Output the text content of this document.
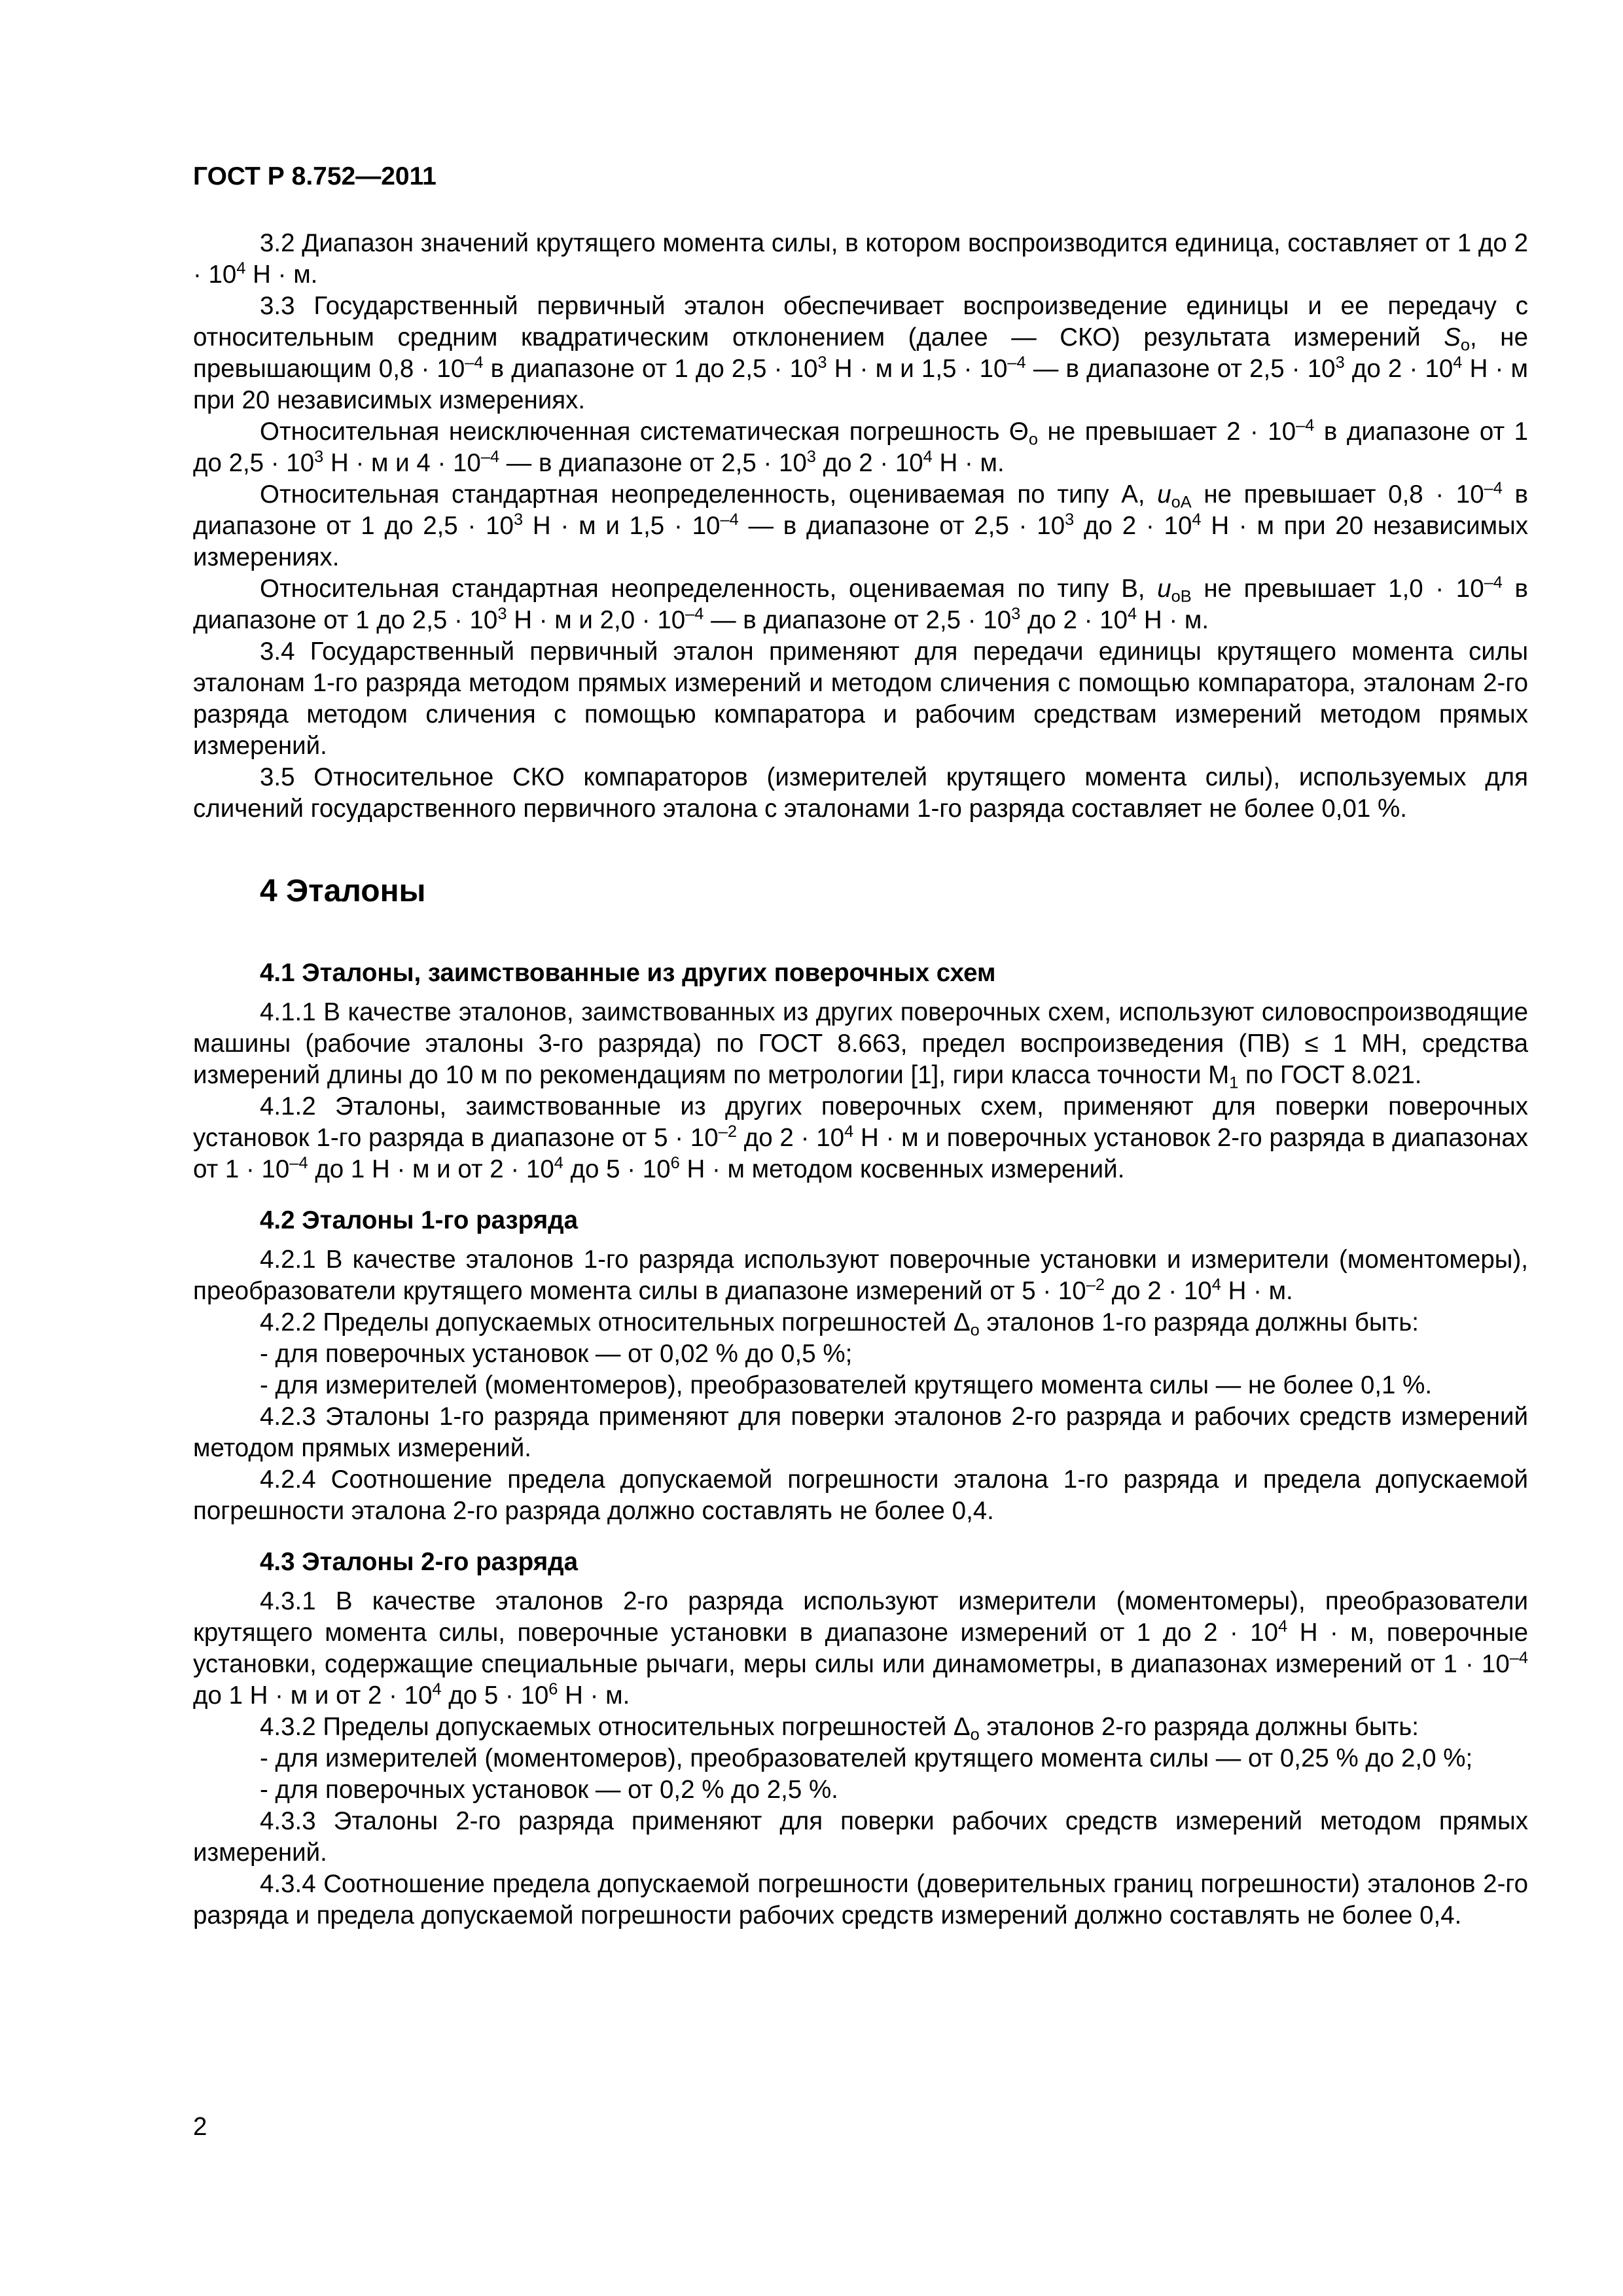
ГОСТ Р 8.752—2011

3.2 Диапазон значений крутящего момента силы, в котором воспроизводится единица, составляет от 1 до $2 \cdot 10^4$ Н · м.

3.3 Государственный первичный эталон обеспечивает воспроизведение единицы и ее передачу с относительным средним квадратическим отклонением (далее — СКО) результата измерений $S_o$, не превышающим $0,8 \cdot 10^{-4}$ в диапазоне от 1 до $2,5 \cdot 10^3$ Н · м и $1,5 \cdot 10^{-4}$ — в диапазоне от $2,5 \cdot 10^3$ до $2 \cdot 10^4$ Н · м при 20 независимых измерениях.

Относительная неисключенная систематическая погрешность $\Theta_o$ не превышает $2 \cdot 10^{-4}$ в диапазоне от 1 до $2,5 \cdot 10^3$ Н · м и $4 \cdot 10^{-4}$ — в диапазоне от $2,5 \cdot 10^3$ до $2 \cdot 10^4$ Н · м.

Относительная стандартная неопределенность, оцениваемая по типу А, $u_{oA}$ не превышает $0,8 \cdot 10^{-4}$ в диапазоне от 1 до $2,5 \cdot 10^3$ Н · м и $1,5 \cdot 10^{-4}$ — в диапазоне от $2,5 \cdot 10^3$ до $2 \cdot 10^4$ Н · м при 20 независимых измерениях.

Относительная стандартная неопределенность, оцениваемая по типу В, $u_{oB}$ не превышает $1,0 \cdot 10^{-4}$ в диапазоне от 1 до $2,5 \cdot 10^3$ Н · м и $2,0 \cdot 10^{-4}$ — в диапазоне от $2,5 \cdot 10^3$ до $2 \cdot 10^4$ Н · м.

3.4 Государственный первичный эталон применяют для передачи единицы крутящего момента силы эталонам 1-го разряда методом прямых измерений и методом сличения с помощью компаратора, эталонам 2-го разряда методом сличения с помощью компаратора и рабочим средствам измерений методом прямых измерений.

3.5 Относительное СКО компараторов (измерителей крутящего момента силы), используемых для сличений государственного первичного эталона с эталонами 1-го разряда составляет не более 0,01 %.

4 Эталоны
4.1 Эталоны, заимствованные из других поверочных схем

4.1.1 В качестве эталонов, заимствованных из других поверочных схем, используют силовоспроизводящие машины (рабочие эталоны 3-го разряда) по ГОСТ 8.663, предел воспроизведения (ПВ) ≤ 1 МН, средства измерений длины до 10 м по рекомендациям по метрологии [1], гири класса точности $М_1$ по ГОСТ 8.021.

4.1.2 Эталоны, заимствованные из других поверочных схем, применяют для поверки поверочных установок 1-го разряда в диапазоне от $5 \cdot 10^{-2}$ до $2 \cdot 10^4$ Н · м и поверочных установок 2-го разряда в диапазонах от $1 \cdot 10^{-4}$ до 1 Н · м и от $2 \cdot 10^4$ до $5 \cdot 10^6$ Н · м методом косвенных измерений.

4.2 Эталоны 1-го разряда

4.2.1 В качестве эталонов 1-го разряда используют поверочные установки и измерители (моментомеры), преобразователи крутящего момента силы в диапазоне измерений от $5 \cdot 10^{-2}$ до $2 \cdot 10^4$ Н · м.

4.2.2 Пределы допускаемых относительных погрешностей $\Delta_o$ эталонов 1-го разряда должны быть:

- для поверочных установок — от 0,02 % до 0,5 %;

- для измерителей (моментомеров), преобразователей крутящего момента силы — не более 0,1 %.

4.2.3 Эталоны 1-го разряда применяют для поверки эталонов 2-го разряда и рабочих средств измерений методом прямых измерений.

4.2.4 Соотношение предела допускаемой погрешности эталона 1-го разряда и предела допускаемой погрешности эталона 2-го разряда должно составлять не более 0,4.

4.3 Эталоны 2-го разряда

4.3.1 В качестве эталонов 2-го разряда используют измерители (моментомеры), преобразователи крутящего момента силы, поверочные установки в диапазоне измерений от 1 до $2 \cdot 10^4$ Н · м, поверочные установки, содержащие специальные рычаги, меры силы или динамометры, в диапазонах измерений от $1 \cdot 10^{-4}$ до 1 Н · м и от $2 \cdot 10^4$ до $5 \cdot 10^6$ Н · м.

4.3.2 Пределы допускаемых относительных погрешностей $\Delta_o$ эталонов 2-го разряда должны быть:

- для измерителей (моментомеров), преобразователей крутящего момента силы — от 0,25 % до 2,0 %;

- для поверочных установок — от 0,2 % до 2,5 %.

4.3.3 Эталоны 2-го разряда применяют для поверки рабочих средств измерений методом прямых измерений.

4.3.4 Соотношение предела допускаемой погрешности (доверительных границ погрешности) эталонов 2-го разряда и предела допускаемой погрешности рабочих средств измерений должно составлять не более 0,4.

2
